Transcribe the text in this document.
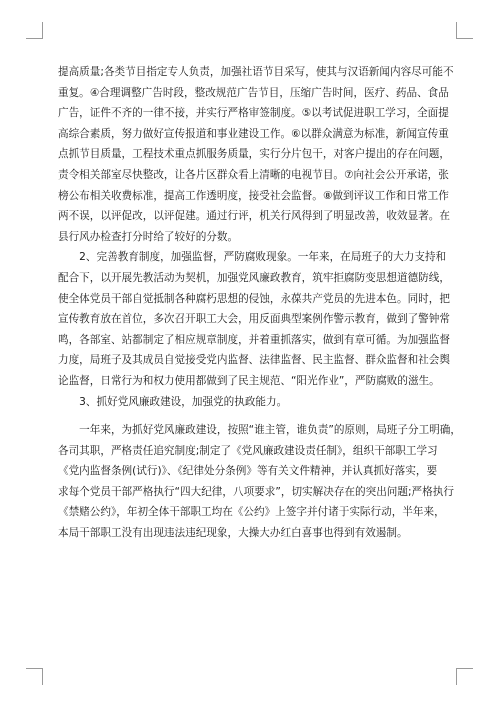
提高质量;各类节目指定专人负责，加强社语节目采写，使其与汉语新闻内容尽可能不
重复。④合理调整广告时段，整改规范广告节目，压缩广告时间，医疗、药品、食品
广告，证件不齐的一律不接，并实行严格审签制度。⑤以考试促进职工学习，全面提
高综合素质，努力做好宣传报道和事业建设工作。⑥以群众满意为标准，新闻宣传重
点抓节目质量，工程技术重点抓服务质量，实行分片包干，对客户提出的存在问题，
责令相关部室尽快整改，让各片区群众看上清晰的电视节目。⑦向社会公开承诺，张
榜公布相关收费标准，提高工作透明度，接受社会监督。⑧做到评议工作和日常工作
两不误，以评促改，以评促建。通过行评，机关行风得到了明显改善，收效显著。在
县行风办检查打分时给了较好的分数。
　　2、完善教育制度，加强监督，严防腐败现象。一年来，在局班子的大力支持和
配合下，以开展先教活动为契机，加强党风廉政教育，筑牢拒腐防变思想道德防线，
使全体党员干部自觉抵制各种腐朽思想的侵蚀，永葆共产党员的先进本色。同时，把
宣传教育放在首位，多次召开职工大会，用反面典型案例作警示教育，做到了警钟常
鸣，各部室、站都制定了相应规章制度，并着重抓落实，做到有章可循。为加强监督
力度，局班子及其成员自觉接受党内监督、法律监督、民主监督、群众监督和社会舆
论监督，日常行为和权力使用都做到了民主规范、“阳光作业”，严防腐败的滋生。
　　3、抓好党风廉政建设，加强党的执政能力。
　　一年来，为抓好党风廉政建设，按照“谁主管，谁负责”的原则，局班子分工明确，
各司其职，严格责任追究制度;制定了《党风廉政建设责任制》，组织干部职工学习
《党内监督条例(试行)》、《纪律处分条例》等有关文件精神，并认真抓好落实，要
求每个党员干部严格执行“四大纪律，八项要求”，切实解决存在的突出问题;严格执行
《禁赌公约》，年初全体干部职工均在《公约》上签字并付诸于实际行动，半年来，
本局干部职工没有出现违法违纪现象，大操大办红白喜事也得到有效遏制。
